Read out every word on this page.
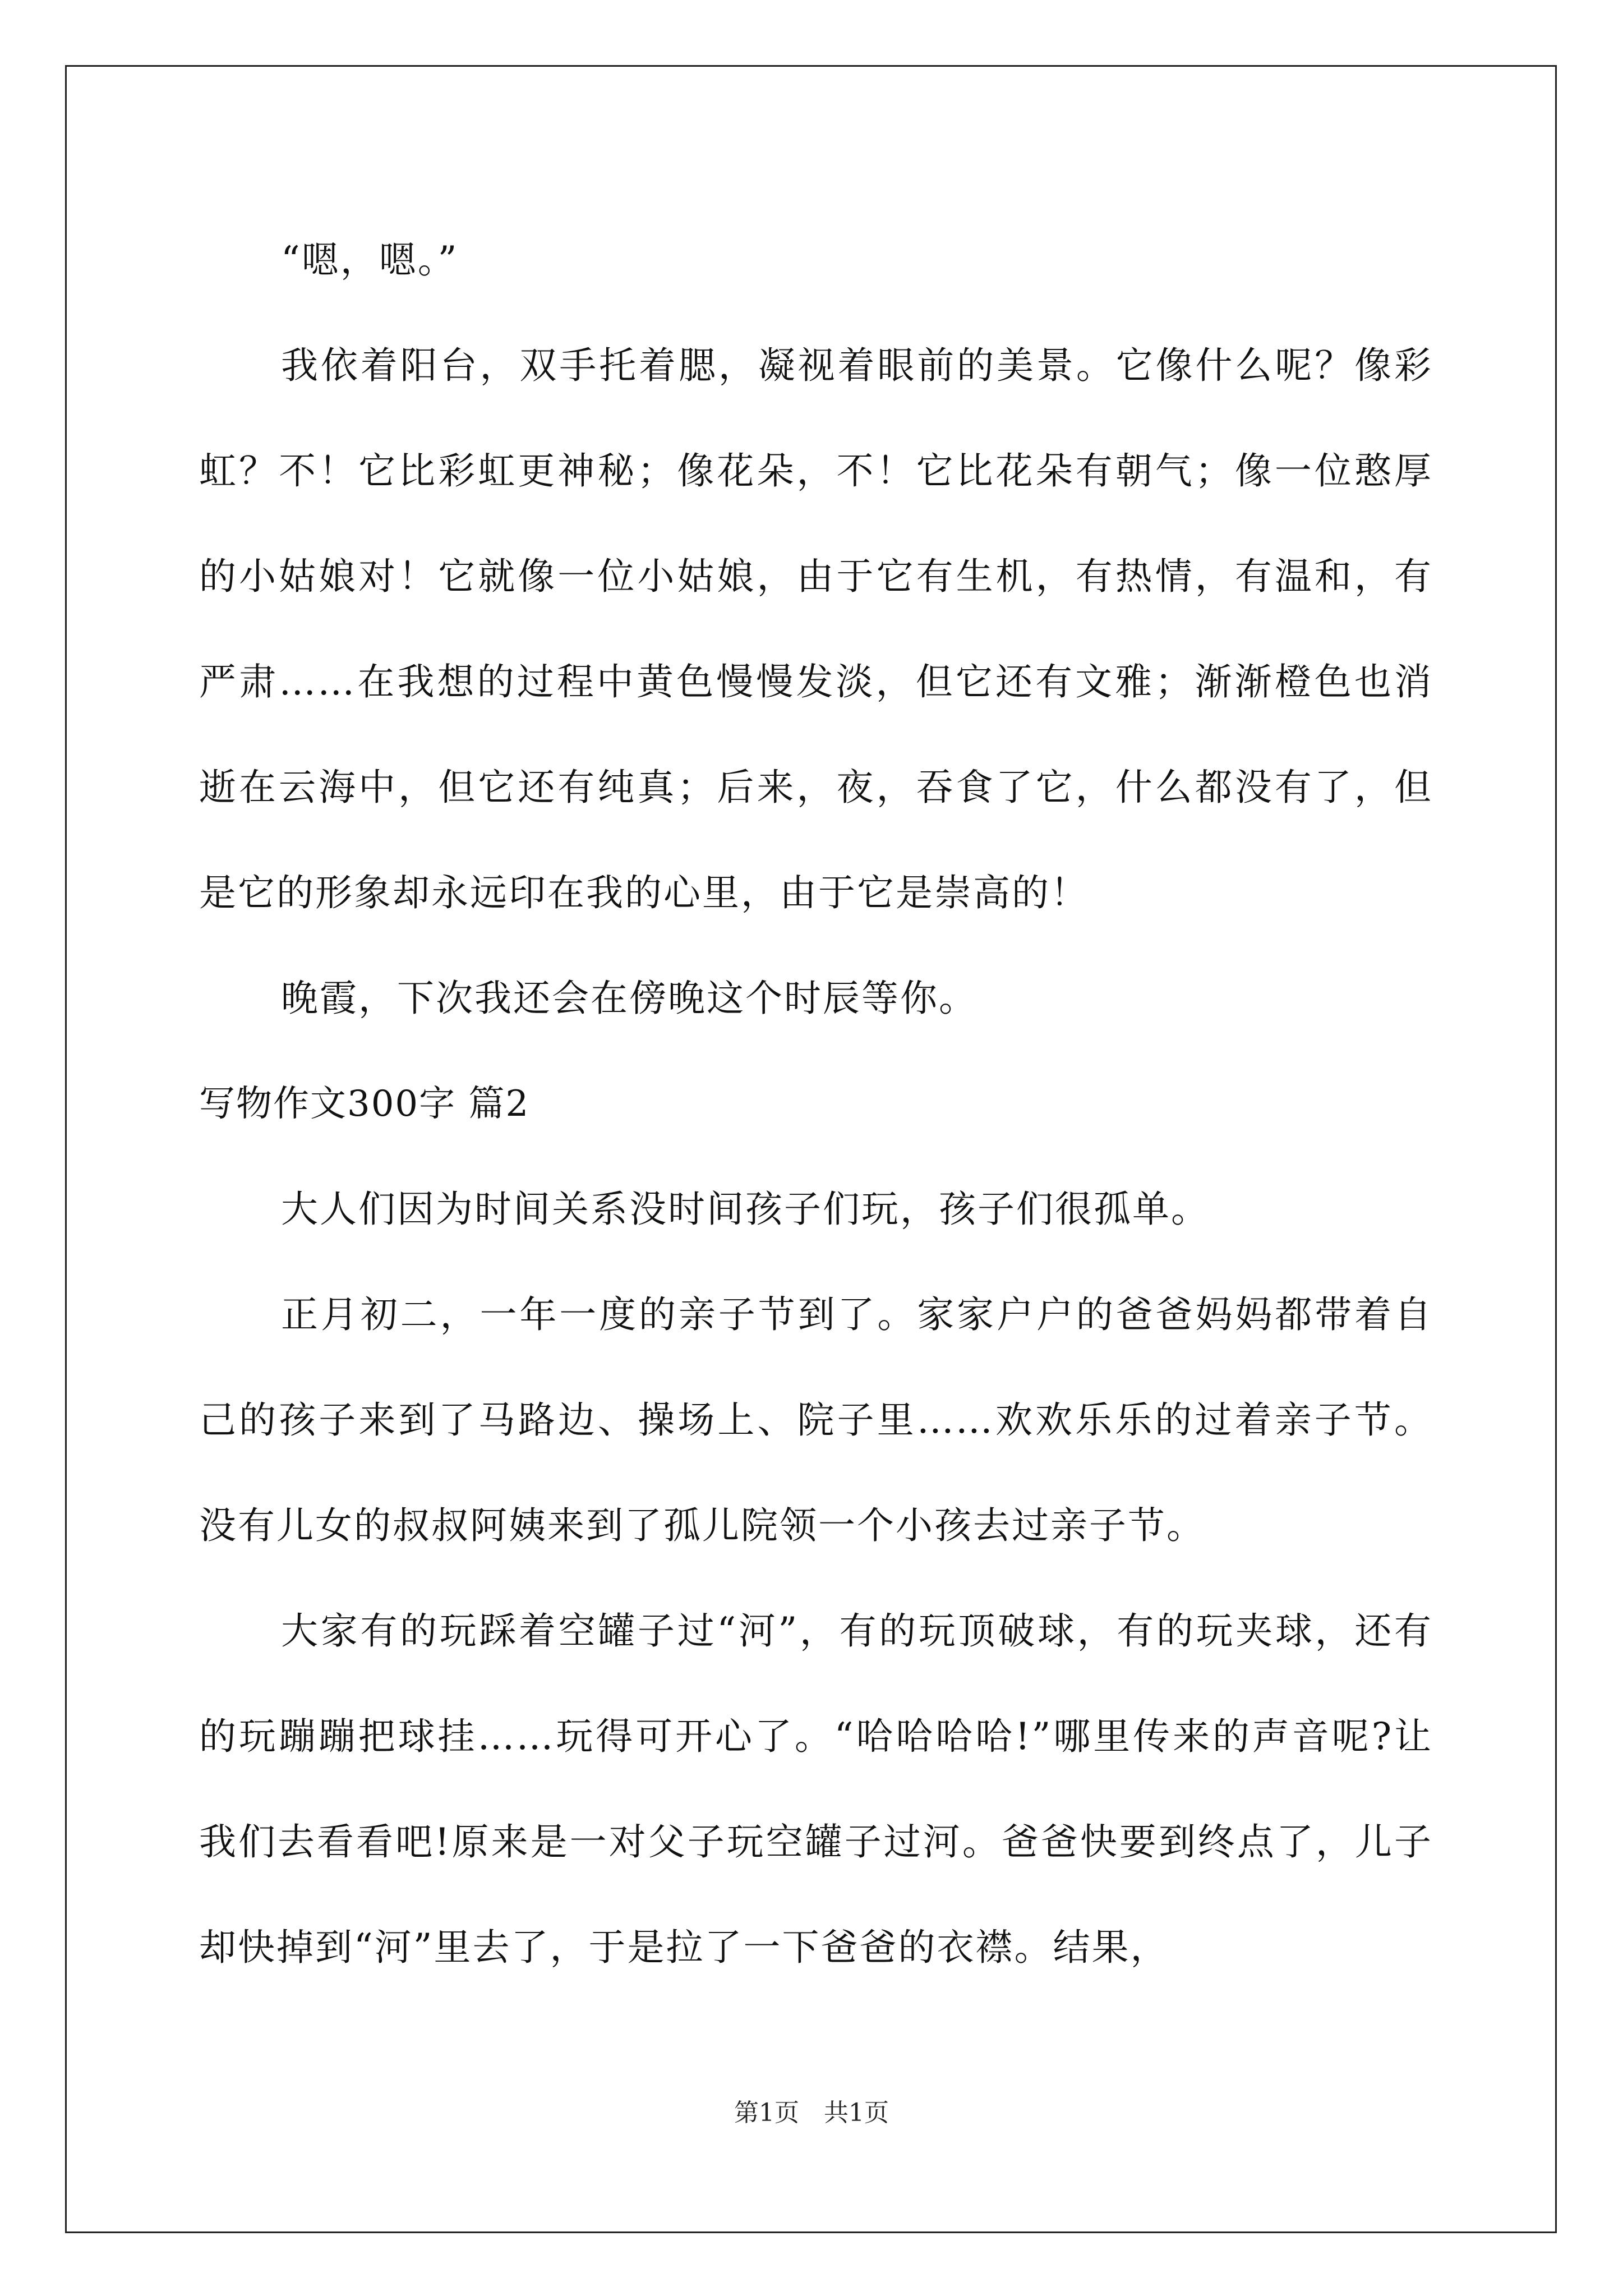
“嗯，嗯。”

我依着阳台，双手托着腮，凝视着眼前的美景。它像什么呢？像彩虹？不！它比彩虹更神秘；像花朵，不！它比花朵有朝气；像一位憨厚的小姑娘对！它就像一位小姑娘，由于它有生机，有热情，有温和，有严肃……在我想的过程中黄色慢慢发淡，但它还有文雅；渐渐橙色也消逝在云海中，但它还有纯真；后来，夜，吞食了它，什么都没有了，但是它的形象却永远印在我的心里，由于它是崇高的！

晚霞，下次我还会在傍晚这个时辰等你。

写物作文300字 篇2

大人们因为时间关系没时间孩子们玩，孩子们很孤单。

正月初二，一年一度的亲子节到了。家家户户的爸爸妈妈都带着自己的孩子来到了马路边、操场上、院子里……欢欢乐乐的过着亲子节。没有儿女的叔叔阿姨来到了孤儿院领一个小孩去过亲子节。

大家有的玩踩着空罐子过“河”，有的玩顶破球，有的玩夹球，还有的玩蹦蹦把球挂……玩得可开心了。“哈哈哈哈!”哪里传来的声音呢?让我们去看看吧!原来是一对父子玩空罐子过河。爸爸快要到终点了，儿子却快掉到“河”里去了，于是拉了一下爸爸的衣襟。结果，

第1页　共1页
